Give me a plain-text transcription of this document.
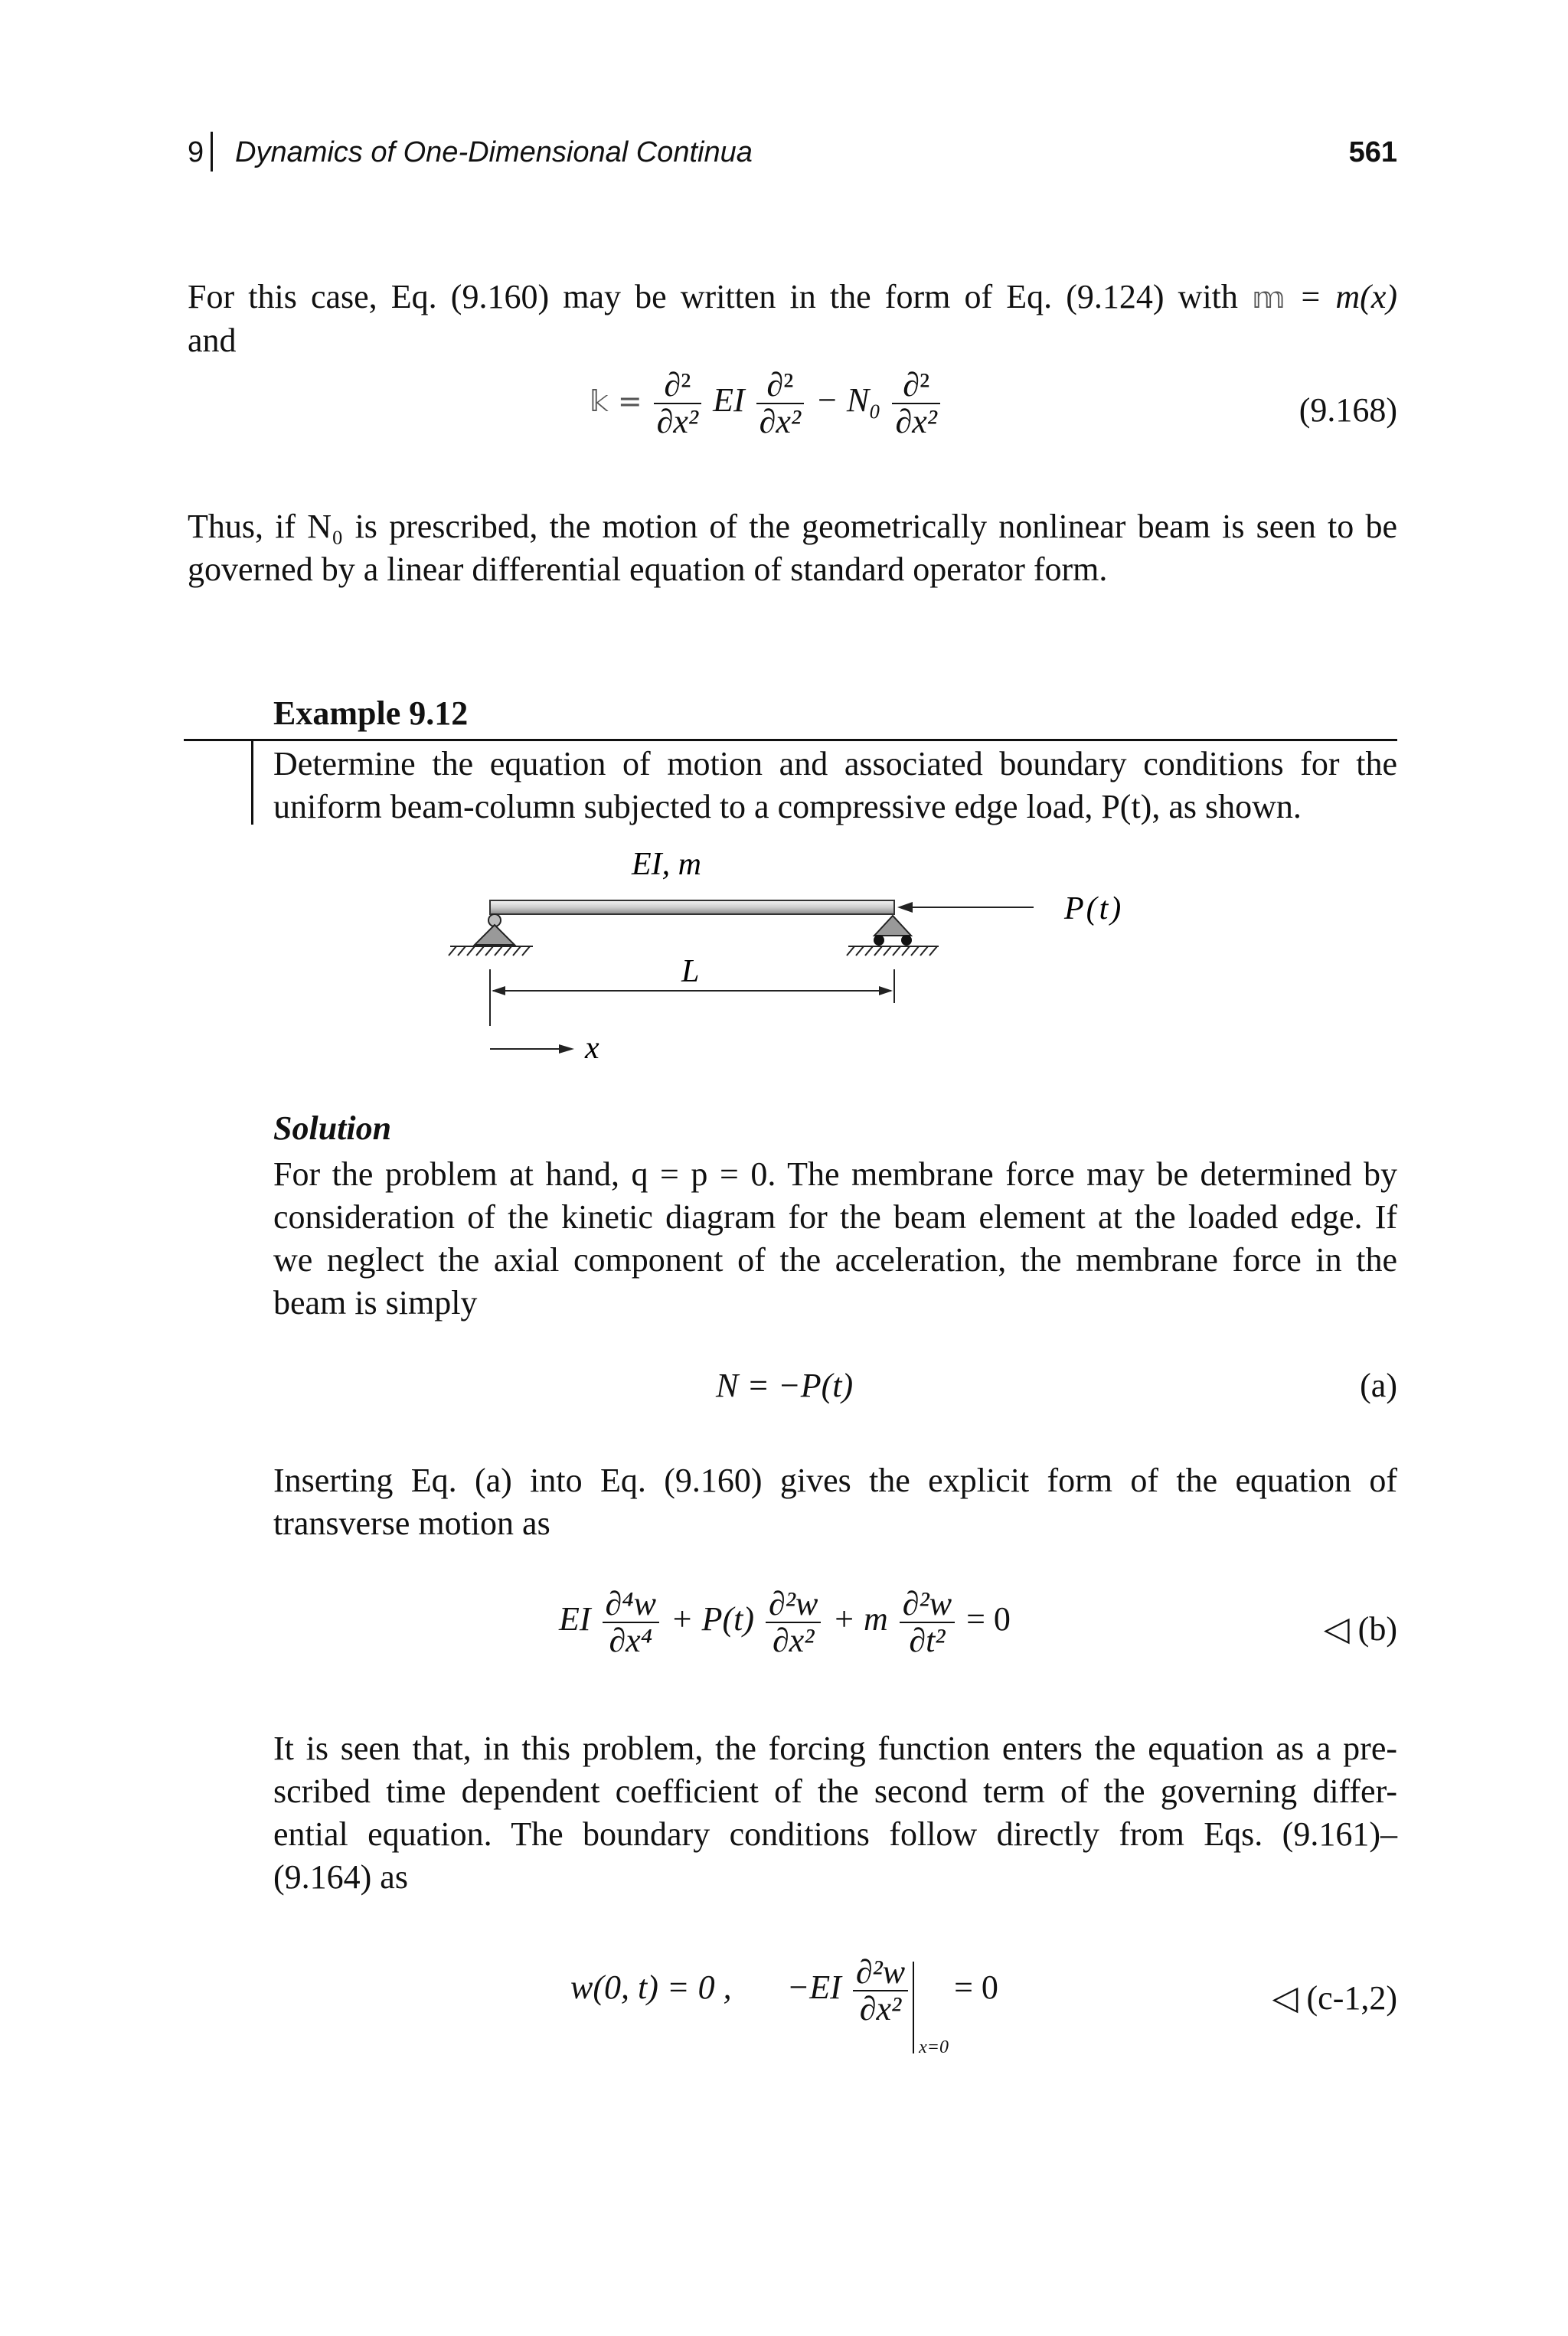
9 Dynamics of One-Dimensional Continua	561
For this case, Eq. (9.160) may be written in the form of Eq. (9.124) with 𝕞 = m(x)
and
𝕜 = $\frac{\text{∂²}}{\text{∂x²}}$ EI $\frac{\text{∂²}}{\text{∂x²}} - N_0 \frac{\text{∂²}}{\text{∂x²}}$	(9.168)
Thus, if N₀ is prescribed, the motion of the geometrically nonlinear beam is seen to be
governed by a linear differential equation of standard operator form.
Example 9.12
Determine the equation of motion and associated boundary conditions for the
uniform beam-column subjected to a compressive edge load, P(t), as shown.
EI, m
P(t)
L
x
Solution
For the problem at hand, q = p = 0. The membrane force may be determined by
consideration of the kinetic diagram for the beam element at the loaded edge. If
we neglect the axial component of the acceleration, the membrane force in the
beam is simply
N = −P(t)	(a)
Inserting Eq. (a) into Eq. (9.160) gives the explicit form of the equation of
transverse motion as
EI $\frac{\text{∂⁴w}}{\text{∂x⁴}} + P(t) \frac{\text{∂²w}}{\text{∂x²}} + m \frac{\text{∂²w}}{\text{∂t²}} = 0$	◁ (b)
It is seen that, in this problem, the forcing function enters the equation as a pre-
scribed time dependent coefficient of the second term of the governing differ-
ential equation. The boundary conditions follow directly from Eqs. (9.161)–
(9.164) as
w(0, t) = 0 , $-EI \frac{\text{∂²w}}{\text{∂x²}}$
x=0
= 0	◁ (c-1,2)
